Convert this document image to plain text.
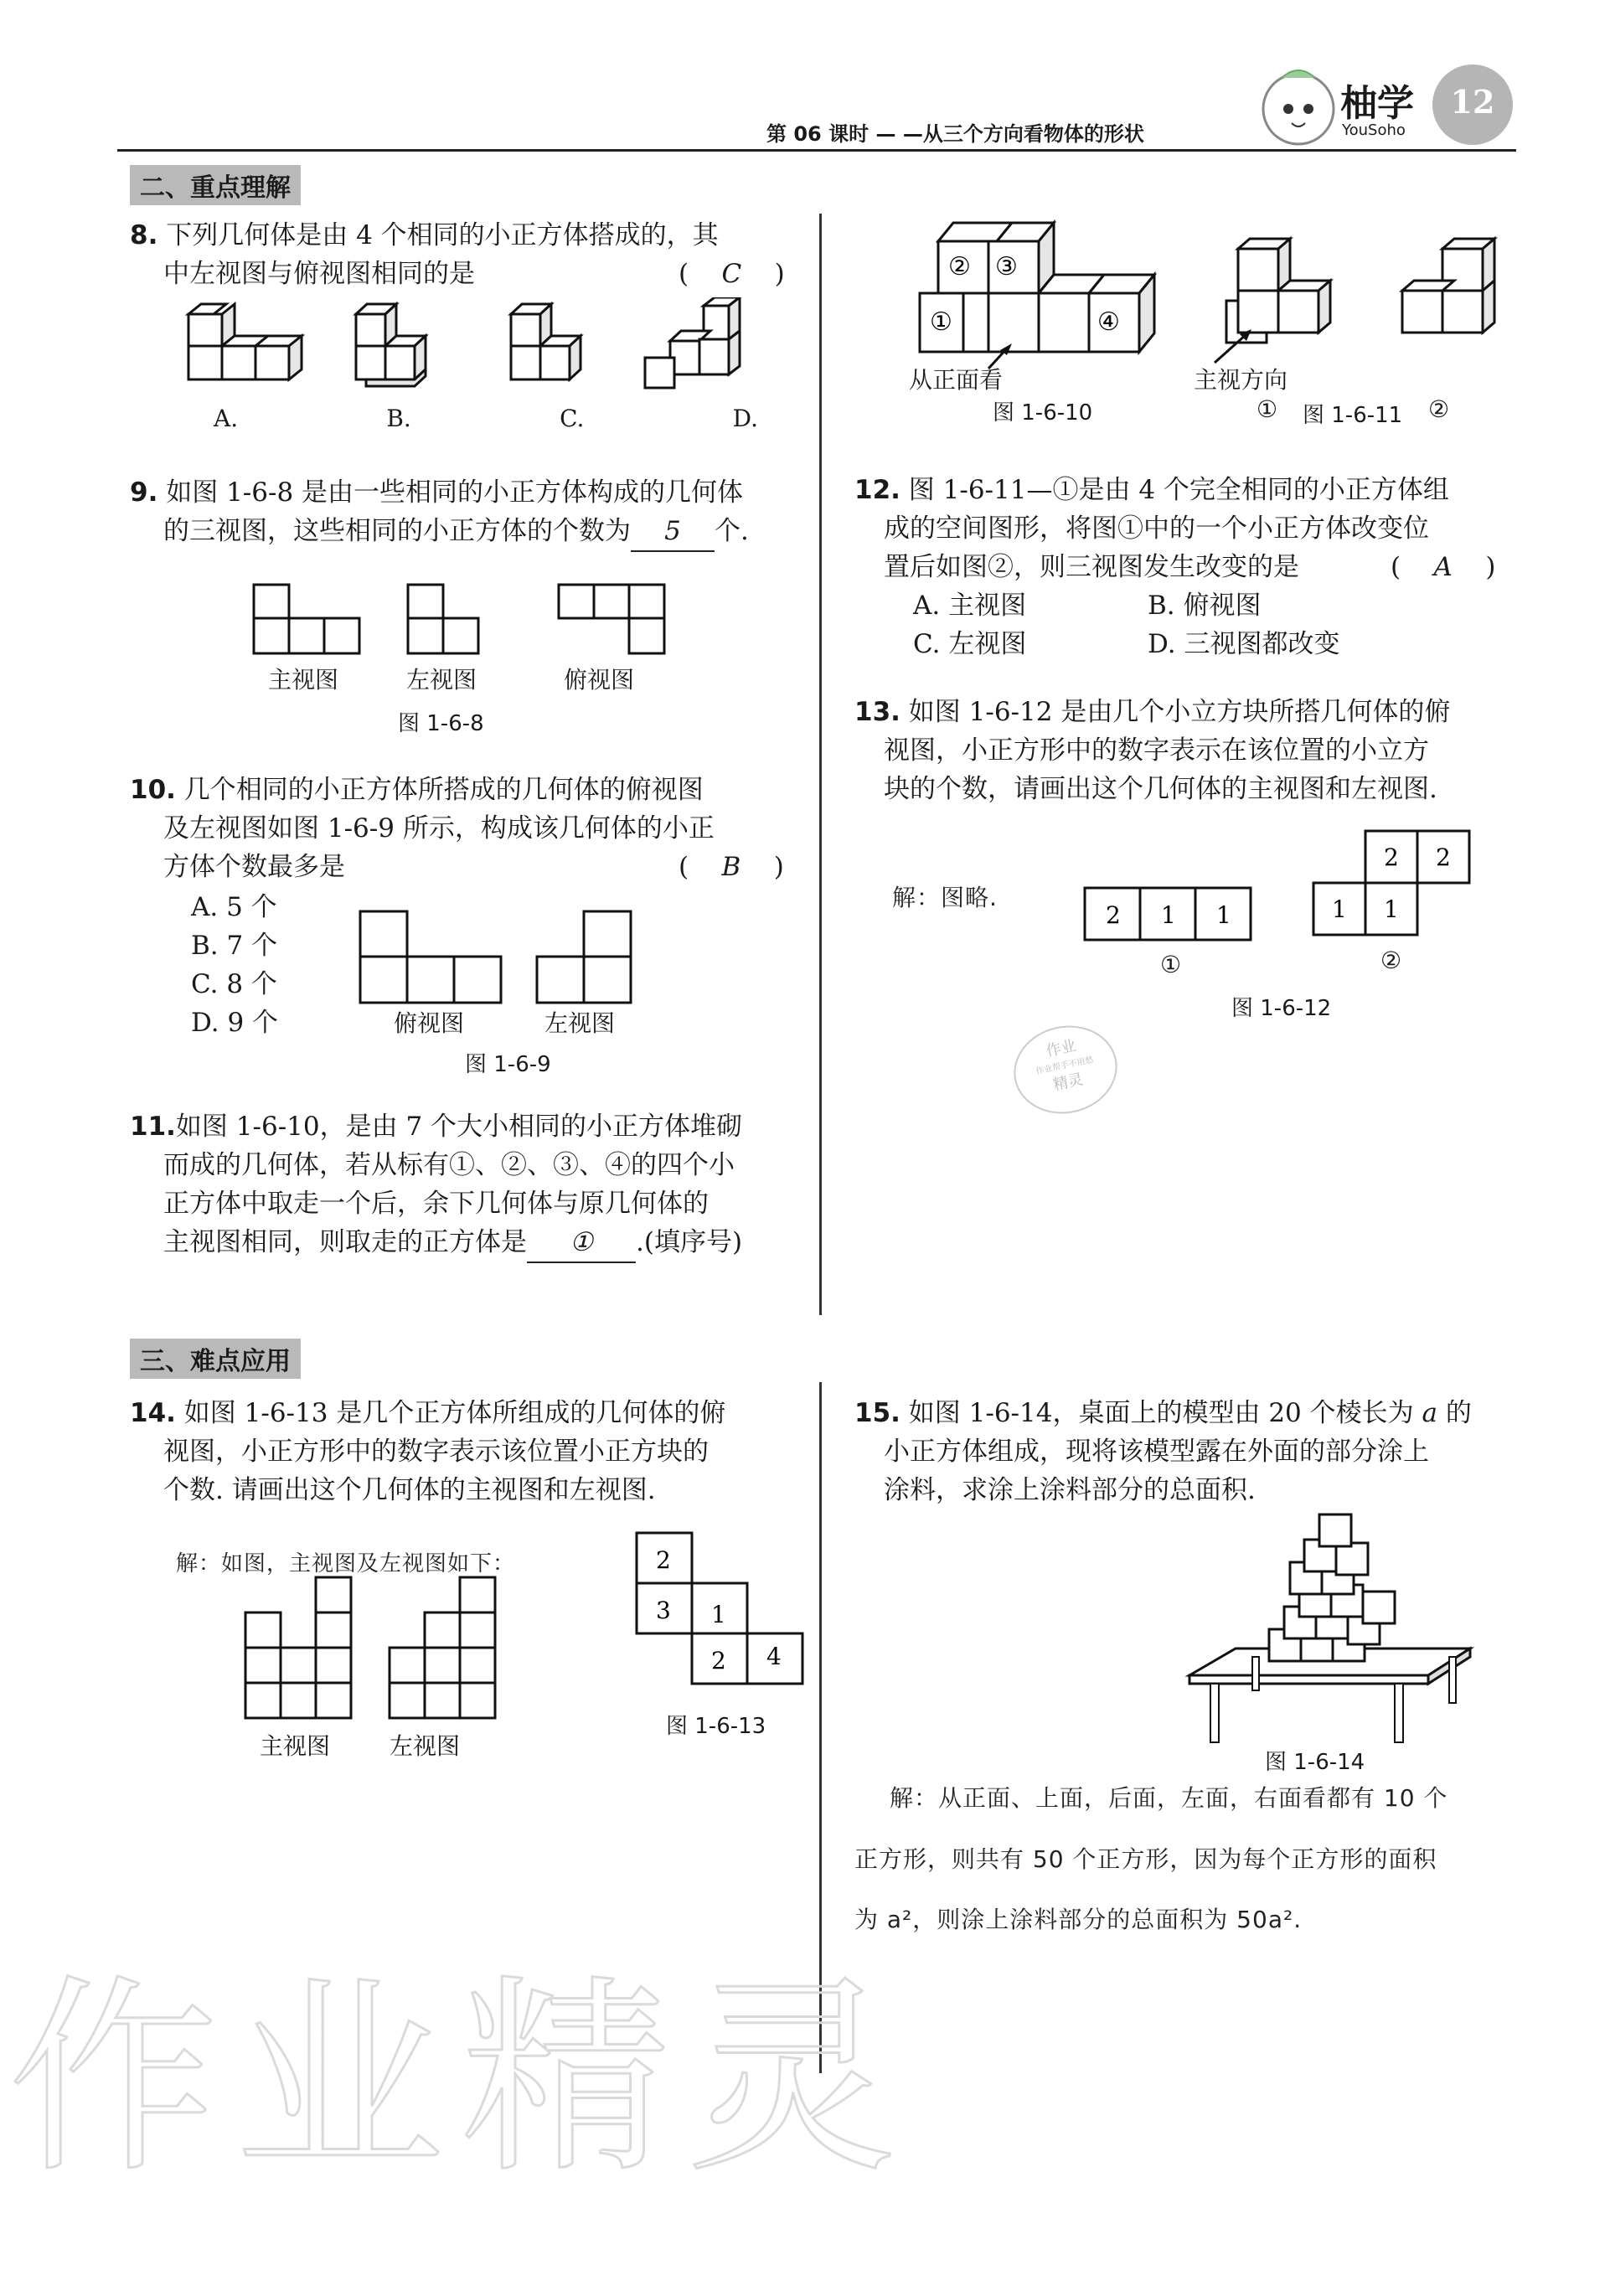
第 06 课时 — —从三个方向看物体的形状
柚学
YouSoho
12
二、重点理解
8. 下列几何体是由 4 个相同的小正方体搭成的，其
中左视图与俯视图相同的是	(    C    )
A.	B.	C.	D.
9. 如图 1-6-8 是由一些相同的小正方体构成的几何体
的三视图，这些相同的小正方体的个数为 5 个.
主视图	左视图	俯视图
图 1-6-8
10. 几个相同的小正方体所搭成的几何体的俯视图
及左视图如图 1-6-9 所示，构成该几何体的小正
方体个数最多是	(    B    )
A. 5 个
B. 7 个
C. 8 个
D. 9 个	俯视图	左视图
图 1-6-9
11.如图 1-6-10，是由 7 个大小相同的小正方体堆砌
而成的几何体，若从标有①、②、③、④的四个小
正方体中取走一个后，余下几何体与原几何体的
主视图相同，则取走的正方体是 ① .(填序号)
② ③
①	④
从正面看
图 1-6-10
主视方向
① 图 1-6-11 ②
12. 图 1-6-11—①是由 4 个完全相同的小正方体组
成的空间图形，将图①中的一个小正方体改变位
置后如图②，则三视图发生改变的是	(    A    )
A. 主视图	B. 俯视图
C. 左视图	D. 三视图都改变
13. 如图 1-6-12 是由几个小立方块所搭几何体的俯
视图，小正方形中的数字表示在该位置的小立方
块的个数，请画出这个几何体的主视图和左视图.
解：图略.
2 1 1
2 2
1 1
①	②
图 1-6-12
作业
作业帮手不用愁
精灵
三、难点应用
14. 如图 1-6-13 是几个正方体所组成的几何体的俯
视图，小正方形中的数字表示该位置小正方块的
个数. 请画出这个几何体的主视图和左视图.
解：如图，主视图及左视图如下：
主视图	左视图
2
3 1
2 4
图 1-6-13
15. 如图 1-6-14，桌面上的模型由 20 个棱长为 a 的
小正方体组成，现将该模型露在外面的部分涂上
涂料，求涂上涂料部分的总面积.
图 1-6-14
解：从正面、上面，后面，左面，右面看都有 10 个
正方形，则共有 50 个正方形，因为每个正方形的面积
为 a²，则涂上涂料部分的总面积为 50a².
作业精灵
